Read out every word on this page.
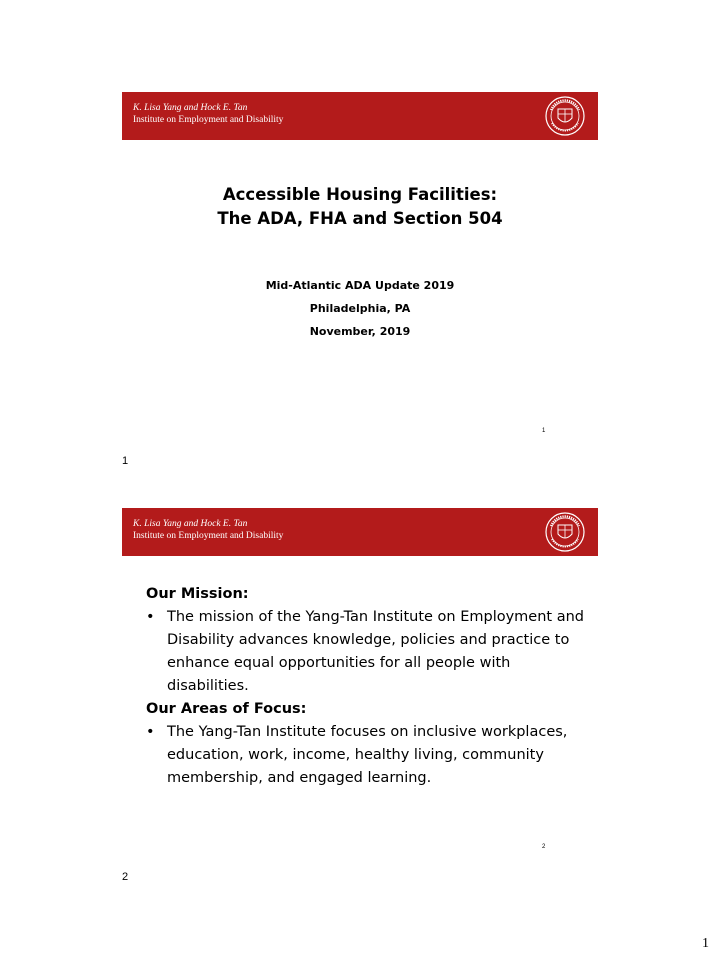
K. Lisa Yang and Hock E. Tan
Institute on Employment and Disability
Accessible Housing Facilities:
The ADA, FHA and Section 504
Mid-Atlantic ADA Update 2019
Philadelphia, PA
November, 2019
1
1
K. Lisa Yang and Hock E. Tan
Institute on Employment and Disability
Our Mission:
• The mission of the Yang-Tan Institute on Employment and Disability advances knowledge, policies and practice to enhance equal opportunities for all people with disabilities.
Our Areas of Focus:
• The Yang-Tan Institute focuses on inclusive workplaces, education, work, income, healthy living, community membership, and engaged learning.
2
2
1
